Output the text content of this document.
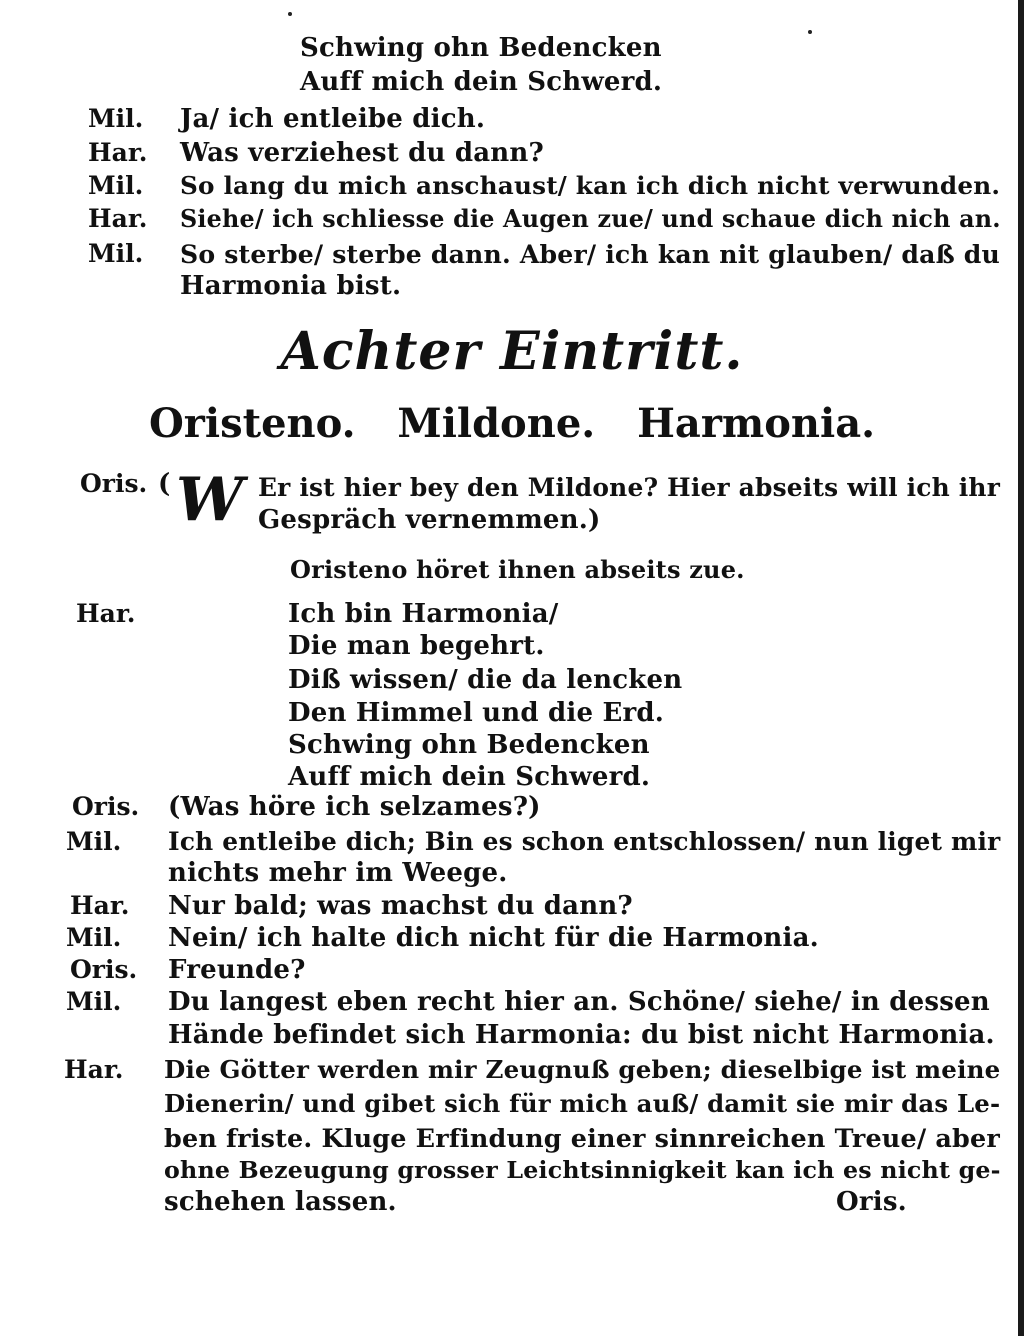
Schwing ohn Bedencken
Auff mich dein Schwerd.
Mil. Ja/ ich entleibe dich.
Har. Was verziehest du dann?
Mil. So lang du mich anschaust/ kan ich dich nicht verwunden.
Har. Siehe/ ich schliesse die Augen zue/ und schaue dich nich an.
Mil. So sterbe/ sterbe dann. Aber/ ich kan nit glauben/ daß du
Harmonia bist.
Achter Eintritt.
Oristeno. Mildone. Harmonia.
Oris. ( W Er ist hier bey den Mildone? Hier abseits will ich ihr
Gespräch vernemmen.)
Oristeno höret ihnen abseits zue.
Har.	Ich bin Harmonia/
Die man begehrt.
Diß wissen/ die da lencken
Den Himmel und die Erd.
Schwing ohn Bedencken
Auff mich dein Schwerd.
Oris. (Was höre ich selzames?)
Mil. Ich entleibe dich; Bin es schon entschlossen/ nun liget mir
nichts mehr im Weege.
Har. Nur bald; was machst du dann?
Mil. Nein/ ich halte dich nicht für die Harmonia.
Oris. Freunde?
Mil. Du langest eben recht hier an. Schöne/ siehe/ in dessen
Hände befindet sich Harmonia: du bist nicht Harmonia.
Har. Die Götter werden mir Zeugnuß geben; dieselbige ist meine
Dienerin/ und gibet sich für mich auß/ damit sie mir das Le-
ben friste. Kluge Erfindung einer sinnreichen Treue/ aber
ohne Bezeugung grosser Leichtsinnigkeit kan ich es nicht ge-
schehen lassen.	Oris.
